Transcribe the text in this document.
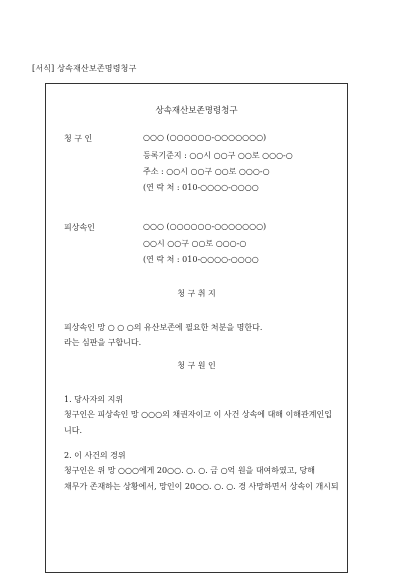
[서식] 상속재산보존명령청구
상속재산보존명령청구
청 구 인	○○○ (○○○○○○-○○○○○○○)
등록기준지 : ○○시 ○○구 ○○로 ○○○-○
주소 : ○○시 ○○구 ○○로 ○○○-○
(연 락 처 : 010-○○○○-○○○○
피상속인	○○○ (○○○○○○-○○○○○○○)
○○시 ○○구 ○○로 ○○○-○
(연 락 처 : 010-○○○○-○○○○
청 구 취 지
피상속인 망 ○ ○ ○의 유산보존에 필요한 처분을 명한다.
라는 심판을 구합니다.
청 구 원 인
1. 당사자의 지위
청구인은 피상속인 망 ○○○의 채권자이고 이 사건 상속에 대해 이해관계인입
니다.
2. 이 사건의 경위
청구인은 위 망 ○○○에게 20○○. ○. ○. 금 ○억 원을 대여하였고, 당해
채무가 존재하는 상황에서, 망인이 20○○. ○. ○. 경 사망하면서 상속이 개시되
